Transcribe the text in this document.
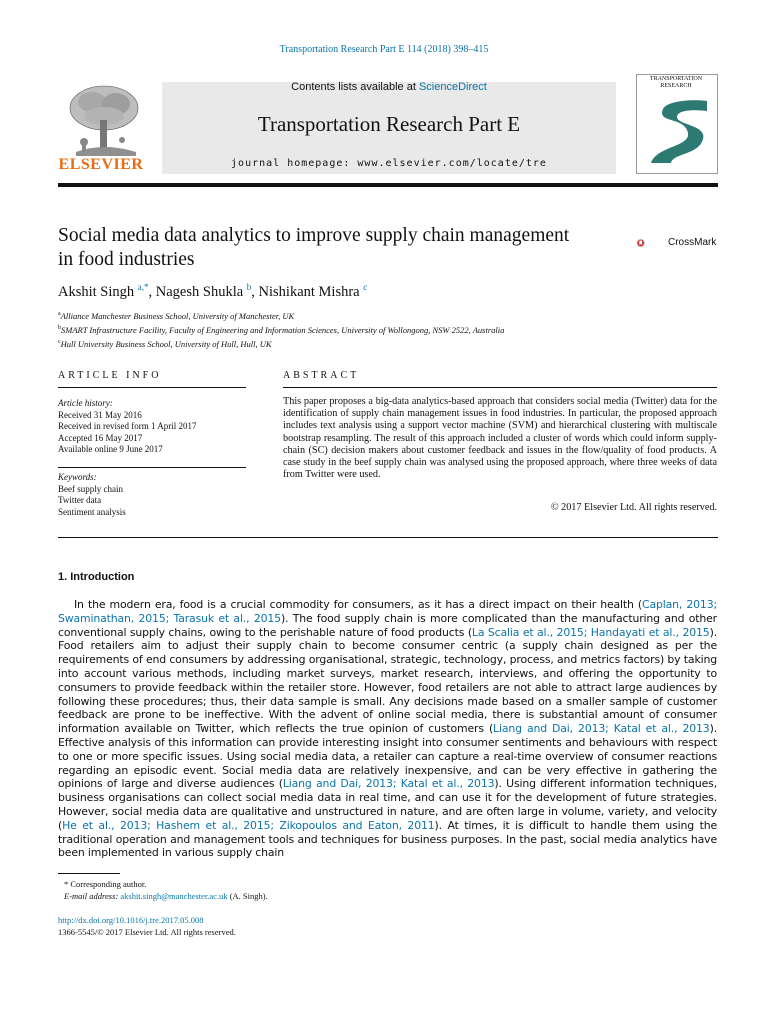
Transportation Research Part E 114 (2018) 398–415
Contents lists available at ScienceDirect
Transportation Research Part E
journal homepage: www.elsevier.com/locate/tre
ELSEVIER
TRANSPORTATION RESEARCH
Social media data analytics to improve supply chain management in food industries
CrossMark
Akshit Singh $^{a,*}$, Nagesh Shukla $^b$, Nishikant Mishra $^c$
$^a$Alliance Manchester Business School, University of Manchester, UK
$^b$SMART Infrastructure Facility, Faculty of Engineering and Information Sciences, University of Wollongong, NSW 2522, Australia
$^c$Hull University Business School, University of Hull, Hull, UK
ARTICLE INFO
Article history:
Received 31 May 2016
Received in revised form 1 April 2017
Accepted 16 May 2017
Available online 9 June 2017
Keywords:
Beef supply chain
Twitter data
Sentiment analysis
ABSTRACT
This paper proposes a big-data analytics-based approach that considers social media (Twitter) data for the identification of supply chain management issues in food industries. In particular, the proposed approach includes text analysis using a support vector machine (SVM) and hierarchical clustering with multiscale bootstrap resampling. The result of this approach included a cluster of words which could inform supply-chain (SC) decision makers about customer feedback and issues in the flow/quality of food products. A case study in the beef supply chain was analysed using the proposed approach, where three weeks of data from Twitter were used.
© 2017 Elsevier Ltd. All rights reserved.
1. Introduction

In the modern era, food is a crucial commodity for consumers, as it has a direct impact on their health (Caplan, 2013; Swaminathan, 2015; Tarasuk et al., 2015). The food supply chain is more complicated than the manufacturing and other conventional supply chains, owing to the perishable nature of food products (La Scalia et al., 2015; Handayati et al., 2015). Food retailers aim to adjust their supply chain to become consumer centric (a supply chain designed as per the requirements of end consumers by addressing organisational, strategic, technology, process, and metrics factors) by taking into account various methods, including market surveys, market research, interviews, and offering the opportunity to consumers to provide feedback within the retailer store. However, food retailers are not able to attract large audiences by following these procedures; thus, their data sample is small. Any decisions made based on a smaller sample of customer feedback are prone to be ineffective. With the advent of online social media, there is substantial amount of consumer information available on Twitter, which reflects the true opinion of customers (Liang and Dai, 2013; Katal et al., 2013). Effective analysis of this information can provide interesting insight into consumer sentiments and behaviours with respect to one or more specific issues. Using social media data, a retailer can capture a real-time overview of consumer reactions regarding an episodic event. Social media data are relatively inexpensive, and can be very effective in gathering the opinions of large and diverse audiences (Liang and Dai, 2013; Katal et al., 2013). Using different information techniques, business organisations can collect social media data in real time, and can use it for the development of future strategies. However, social media data are qualitative and unstructured in nature, and are often large in volume, variety, and velocity (He et al., 2013; Hashem et al., 2015; Zikopoulos and Eaton, 2011). At times, it is difficult to handle them using the traditional operation and management tools and techniques for business purposes. In the past, social media analytics have been implemented in various supply chain

* Corresponding author.
E-mail address: akshit.singh@manchester.ac.uk (A. Singh).
http://dx.doi.org/10.1016/j.tre.2017.05.008
1366-5545/© 2017 Elsevier Ltd. All rights reserved.
